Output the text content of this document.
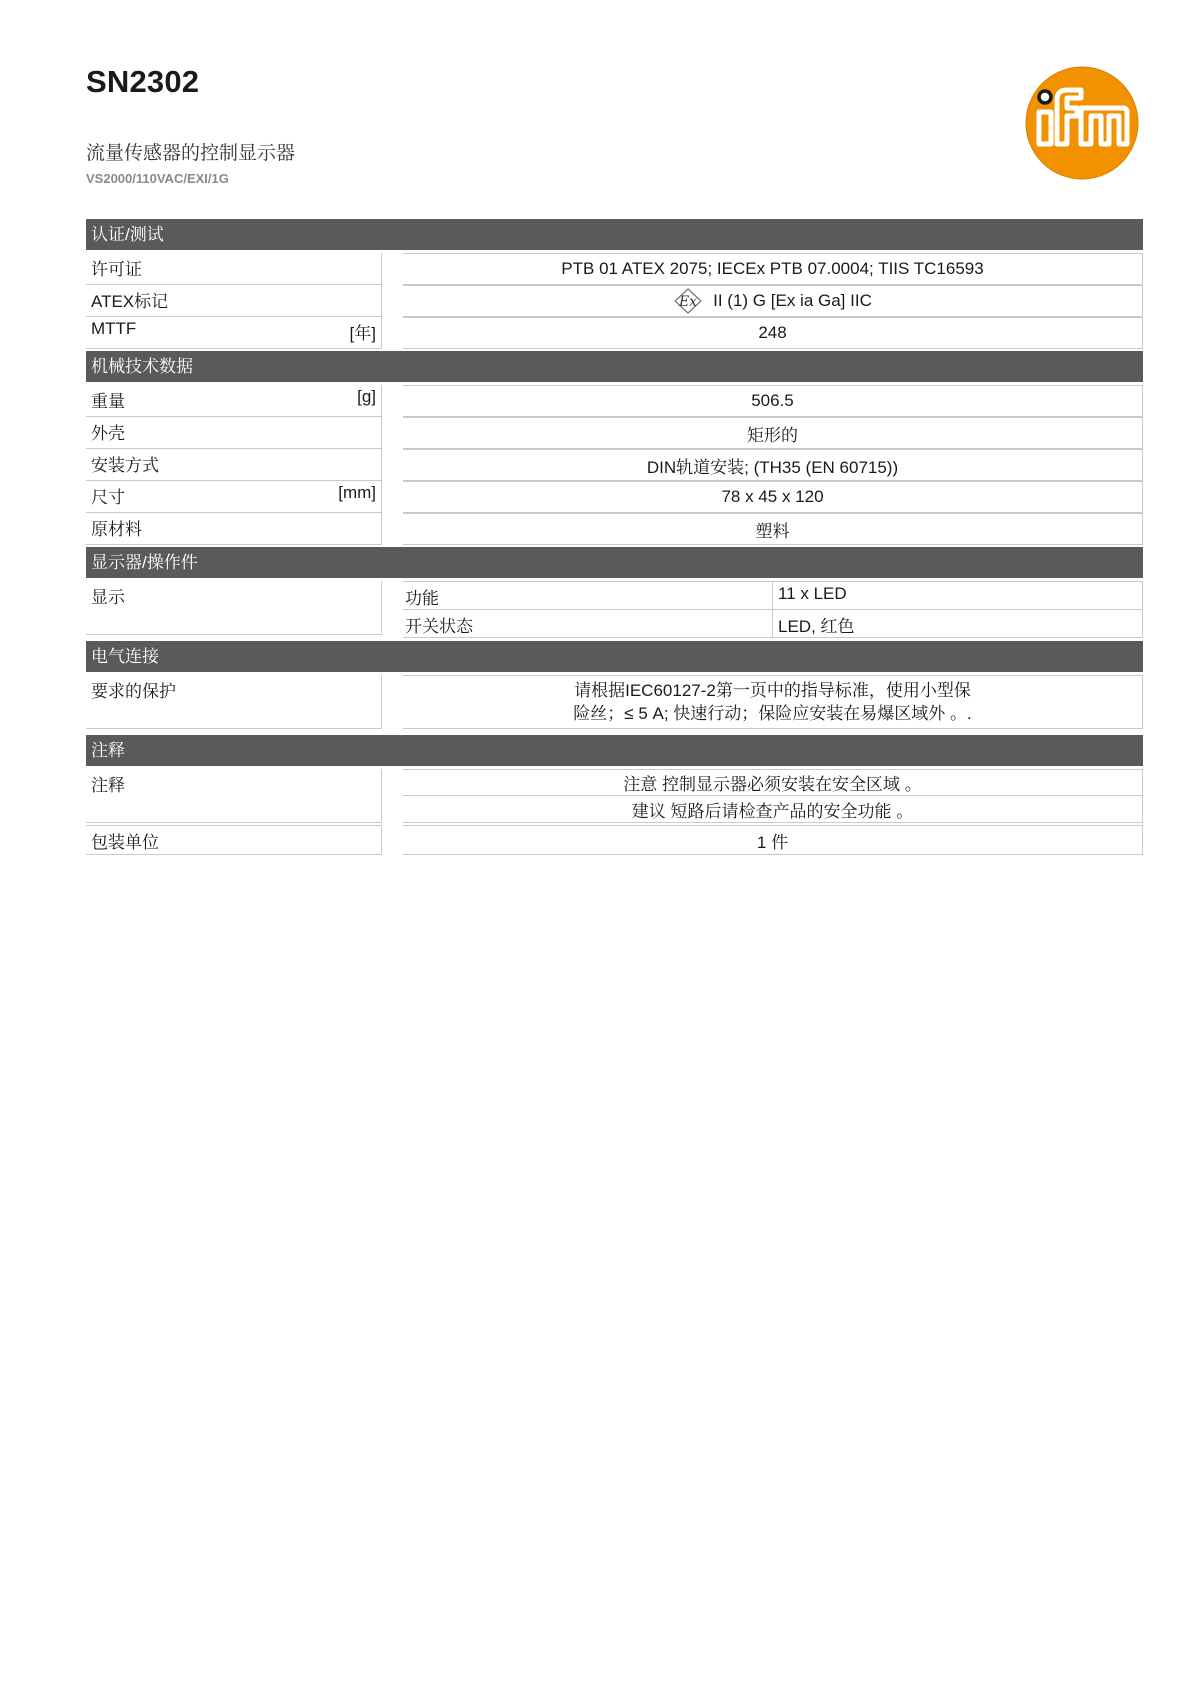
SN2302
流量传感器的控制显示器
VS2000/110VAC/EXI/1G
认证/测试
许可证	PTB 01 ATEX 2075; IECEx PTB 07.0004; TIIS TC16593
ATEX标记	Ex II (1) G [Ex ia Ga] IIC
MTTF	[年]	248
机械技术数据
重量	[g]	506.5
外壳	矩形的
安装方式	DIN轨道安装; (TH35 (EN 60715))
尺寸	[mm]	78 x 45 x 120
原材料	塑料
显示器/操作件
显示	功能	11 x LED
开关状态	LED, 红色
电气连接
要求的保护	请根据IEC60127-2第一页中的指导标准，使用小型保
险丝；≤ 5 A; 快速行动；保险应安装在易爆区域外 。.
注释
注释	注意 控制显示器必须安装在安全区域 。
建议 短路后请检查产品的安全功能 。
包装单位	1 件
